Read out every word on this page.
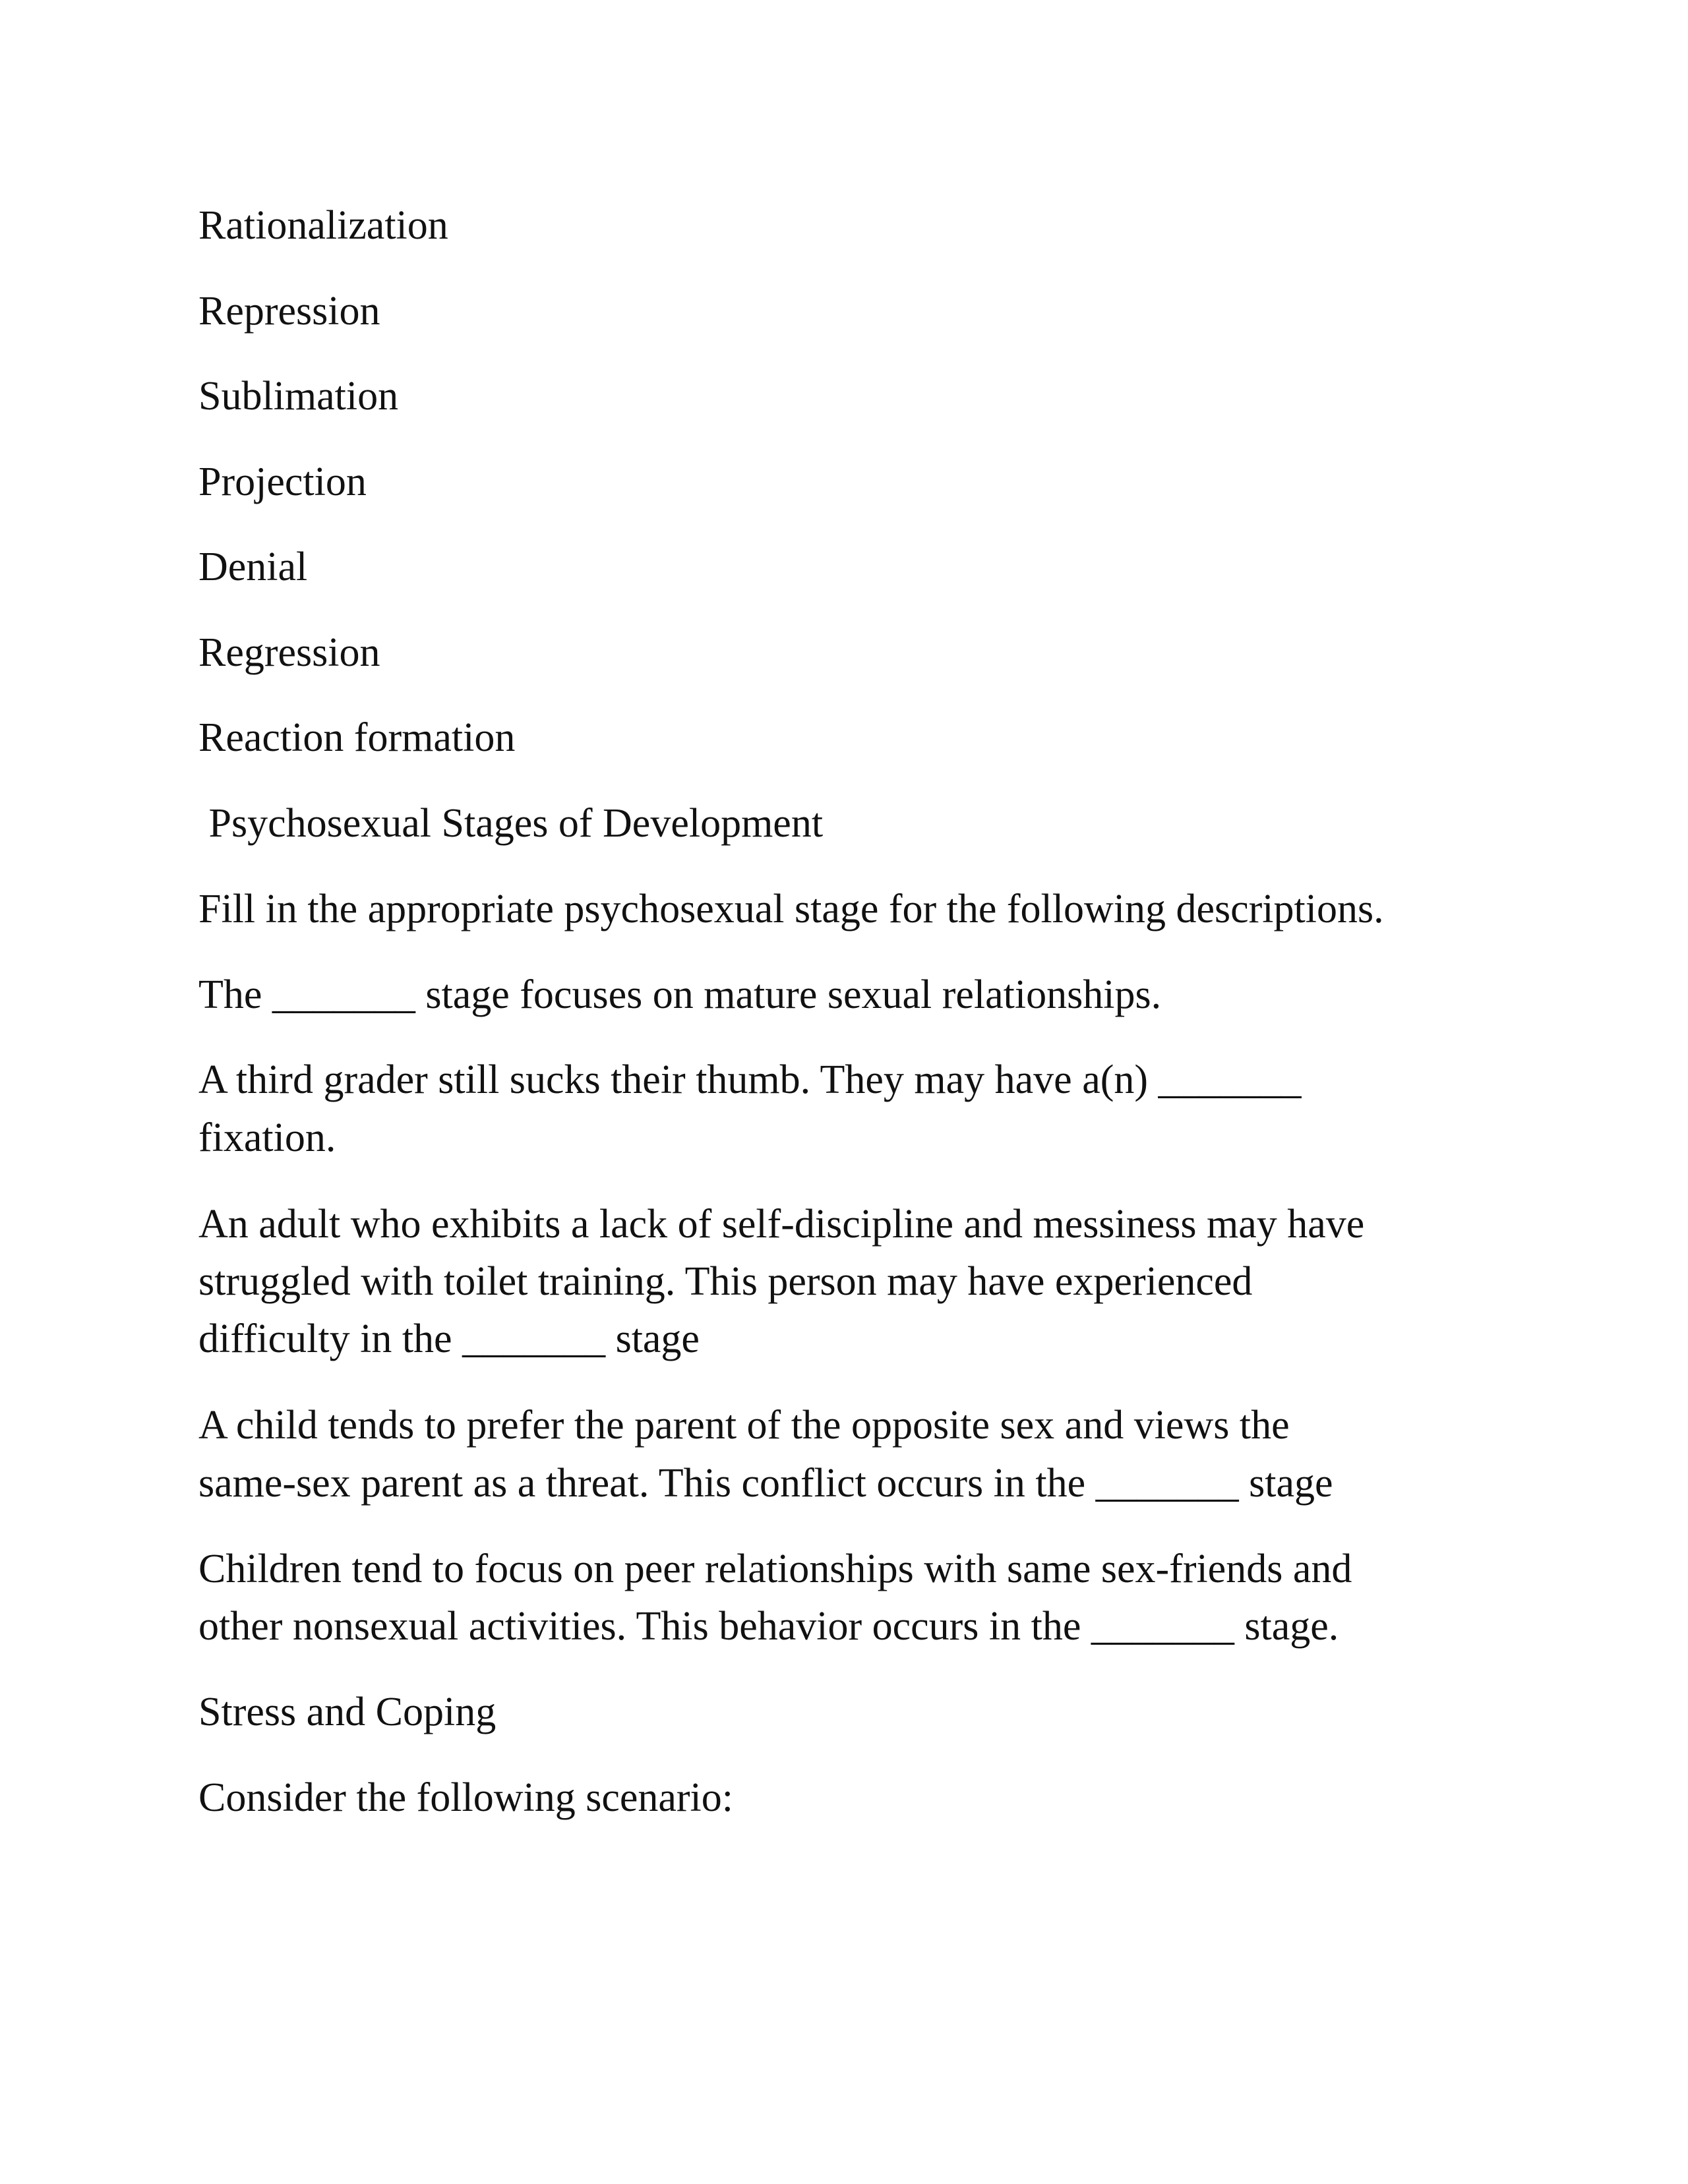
Rationalization

Repression

Sublimation

Projection

Denial

Regression

Reaction formation

Psychosexual Stages of Development

Fill in the appropriate psychosexual stage for the following descriptions.

The _______ stage focuses on mature sexual relationships.

A third grader still sucks their thumb. They may have a(n) _______

fixation.

An adult who exhibits a lack of self-discipline and messiness may have

struggled with toilet training. This person may have experienced

difficulty in the _______ stage

A child tends to prefer the parent of the opposite sex and views the

same-sex parent as a threat. This conflict occurs in the _______ stage

Children tend to focus on peer relationships with same sex-friends and

other nonsexual activities. This behavior occurs in the _______ stage.

Stress and Coping

Consider the following scenario:
